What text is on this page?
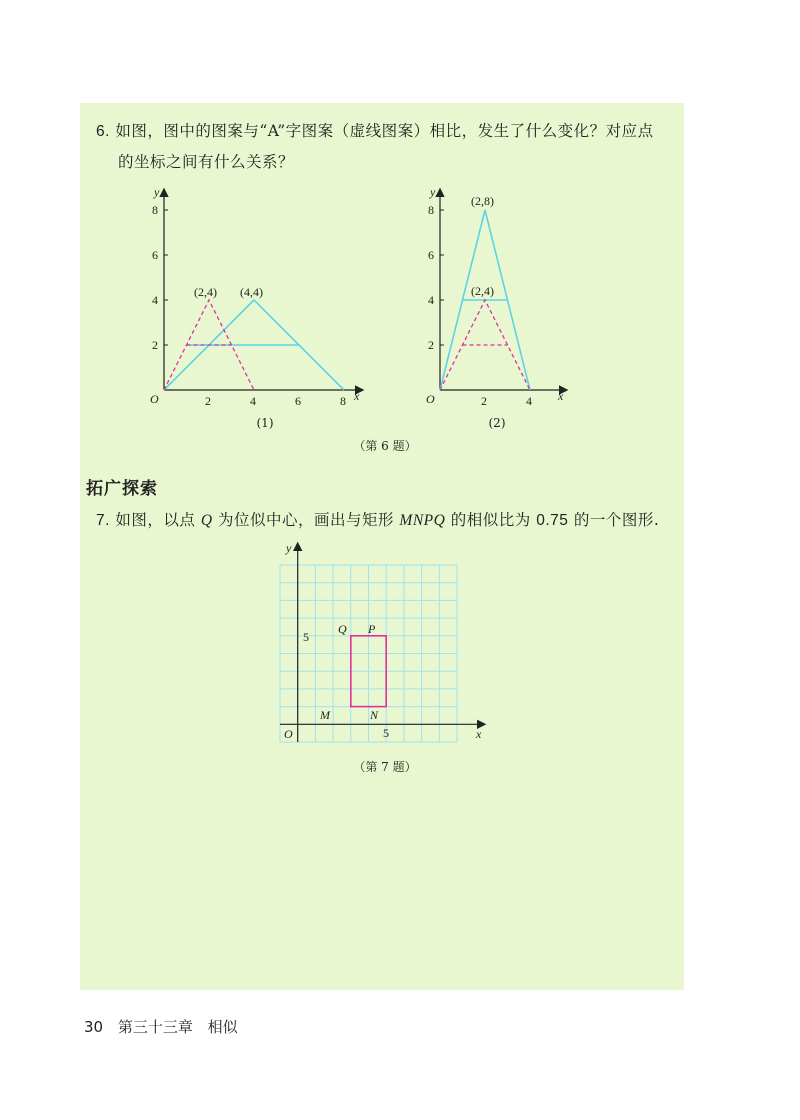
6. 如图，图中的图案与“A”字图案（虚线图案）相比，发生了什么变化？对应点
的坐标之间有什么关系？

O	x
y
2	4	6	8
2
4
6
8
(2,4) (4,4)

(1)

O	x
y
2	4
2
4
6
8
(2,8)
(2,4)

(2)

（第 6 题）

拓广探索

7. 如图，以点 Q 为位似中心，画出与矩形 MNPQ 的相似比为 0.75 的一个图形.

O	x
y
5
5
Q P
M	N

（第 7 题）

30 第三十三章 相似
